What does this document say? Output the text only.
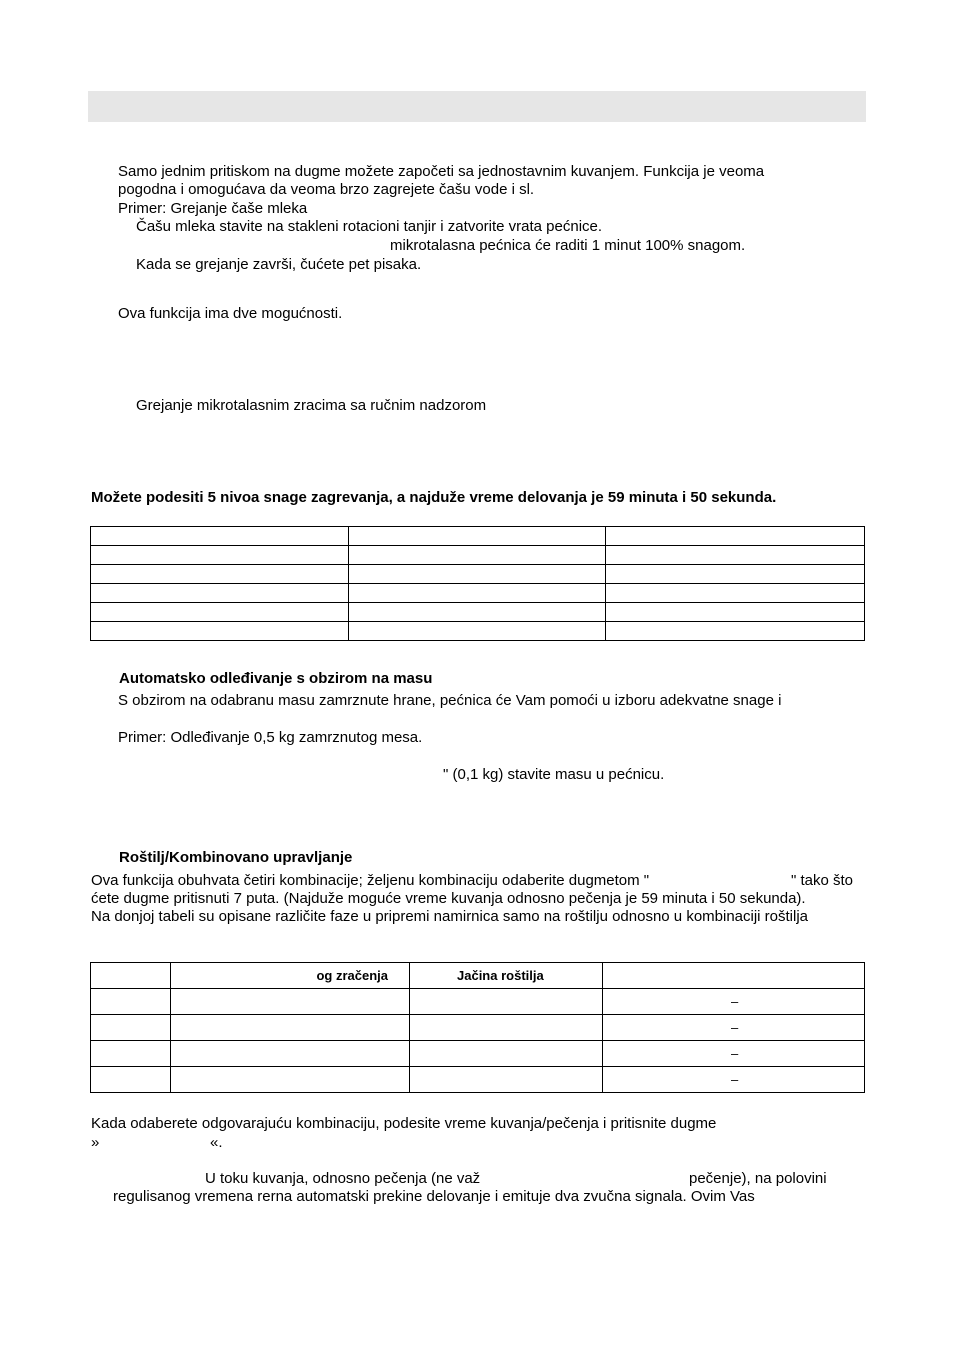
Samo jednim pritiskom na dugme možete započeti sa jednostavnim kuvanjem. Funkcija je veoma
pogodna i omogućava da veoma brzo zagrejete čašu vode i sl.
Primer: Grejanje čaše mleka
Čašu mleka stavite na stakleni rotacioni tanjir i zatvorite vrata pećnice.
mikrotalasna pećnica će raditi 1 minut 100% snagom.
Kada se grejanje završi, čućete pet pisaka.
Ova funkcija ima dve mogućnosti.
Grejanje mikrotalasnim zracima sa ručnim nadzorom
Možete podesiti 5 nivoa snage zagrevanja, a najduže vreme delovanja je 59 minuta i 50 sekunda.

Automatsko odleđivanje s obzirom na masu
S obzirom na odabranu masu zamrznute hrane, pećnica će Vam pomoći u izboru adekvatne snage i
Primer: Odleđivanje 0,5 kg zamrznutog mesa.
" (0,1 kg) stavite masu u pećnicu.
Roštilj/Kombinovano upravljanje
Ova funkcija obuhvata četiri kombinacije; željenu kombinaciju odaberite dugmetom "	" tako što
ćete dugme pritisnuti 7 puta. (Najduže moguće vreme kuvanja odnosno pečenja je 59 minuta i 50 sekunda).
Na donjoj tabeli su opisane različite faze u pripremi namirnica samo na roštilju odnosno u kombinaciji roštilja
	og zračenja	Jačina roštilja	

			–

			–

			–

			–
Kada odaberete odgovarajuću kombinaciju, podesite vreme kuvanja/pečenja i pritisnite dugme
»	«.
U toku kuvanja, odnosno pečenja (ne važ	pečenje), na polovini
regulisanog vremena rerna automatski prekine delovanje i emituje dva zvučna signala. Ovim Vas
